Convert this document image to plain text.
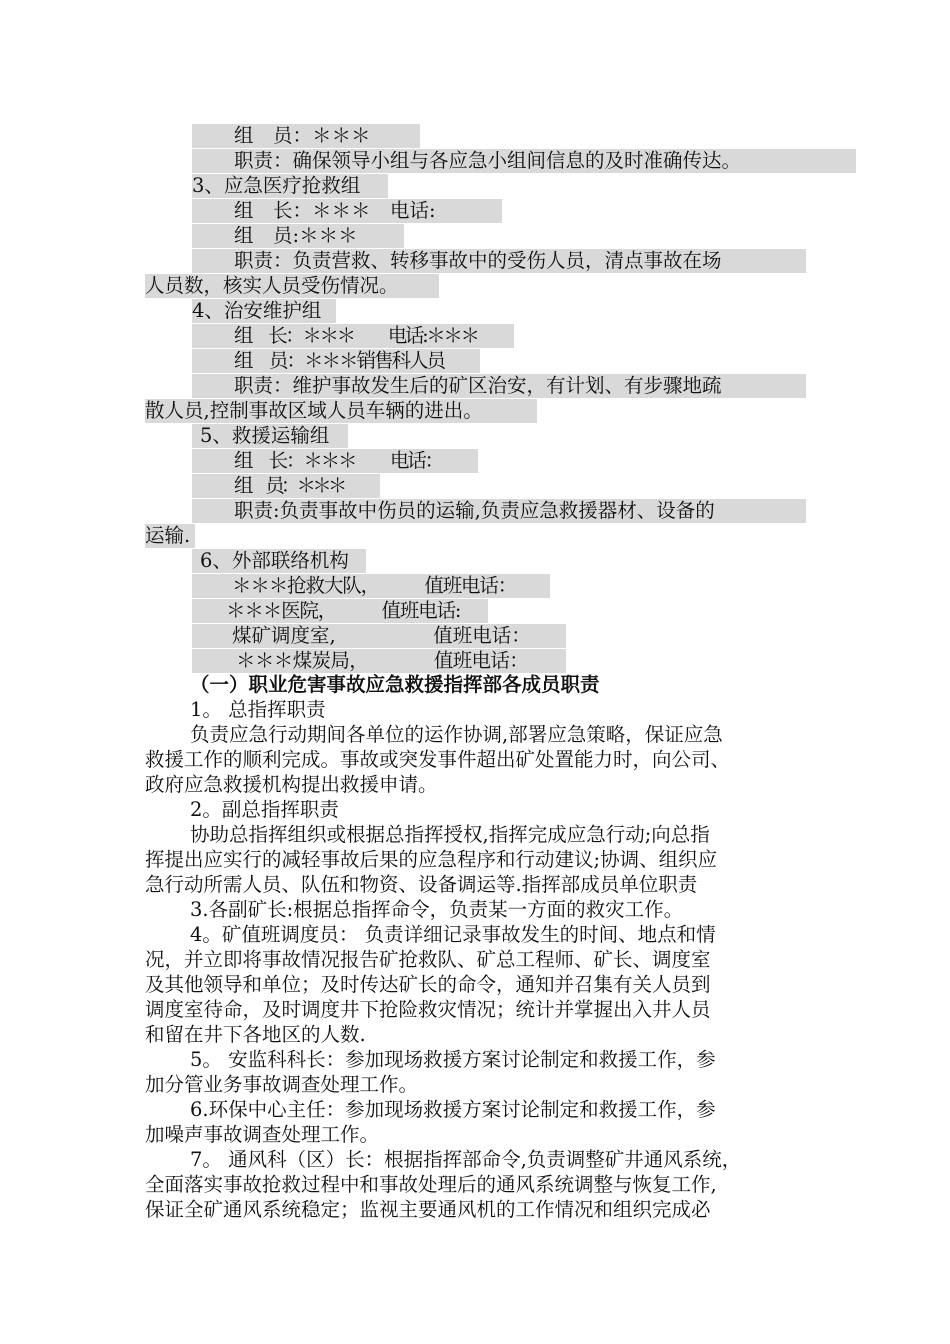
组　员：＊＊＊
职责：确保领导小组与各应急小组间信息的及时准确传达。
3、应急医疗抢救组
组　长：＊＊＊　电话:
组　员:＊＊＊
职责：负责营救、转移事故中的受伤人员，清点事故在场
人员数，核实人员受伤情况。
4、治安维护组
组　长：＊＊＊　　电话:＊＊＊
组　员：＊＊＊销售科人员
职责：维护事故发生后的矿区治安，有计划、有步骤地疏
散人员,控制事故区域人员车辆的进出。
5、救援运输组
组　长：＊＊＊　　电话：
组　员：＊＊＊
职责:负责事故中伤员的运输,负责应急救援器材、设备的
运输.
6、外部联络机构
＊＊＊抢救大队，　　　值班电话：
＊＊＊医院，　　　值班电话:
煤矿调度室,　　　　　值班电话：
＊＊＊煤炭局，　　　　值班电话：
（一）职业危害事故应急救援指挥部各成员职责
1。 总指挥职责
负责应急行动期间各单位的运作协调,部署应急策略，保证应急
救援工作的顺利完成。事故或突发事件超出矿处置能力时，向公司、
政府应急救援机构提出救援申请。
2。副总指挥职责
协助总指挥组织或根据总指挥授权,指挥完成应急行动;向总指
挥提出应实行的减轻事故后果的应急程序和行动建议;协调、组织应
急行动所需人员、队伍和物资、设备调运等.指挥部成员单位职责
3.各副矿长:根据总指挥命令，负责某一方面的救灾工作。
4。矿值班调度员： 负责详细记录事故发生的时间、地点和情
况，并立即将事故情况报告矿抢救队、矿总工程师、矿长、调度室
及其他领导和单位；及时传达矿长的命令，通知并召集有关人员到
调度室待命，及时调度井下抢险救灾情况；统计并掌握出入井人员
和留在井下各地区的人数.
5。 安监科科长：参加现场救援方案讨论制定和救援工作，参
加分管业务事故调查处理工作。
6.环保中心主任：参加现场救援方案讨论制定和救援工作，参
加噪声事故调查处理工作。
7。 通风科（区）长：根据指挥部命令,负责调整矿井通风系统，
全面落实事故抢救过程中和事故处理后的通风系统调整与恢复工作,
保证全矿通风系统稳定；监视主要通风机的工作情况和组织完成必
